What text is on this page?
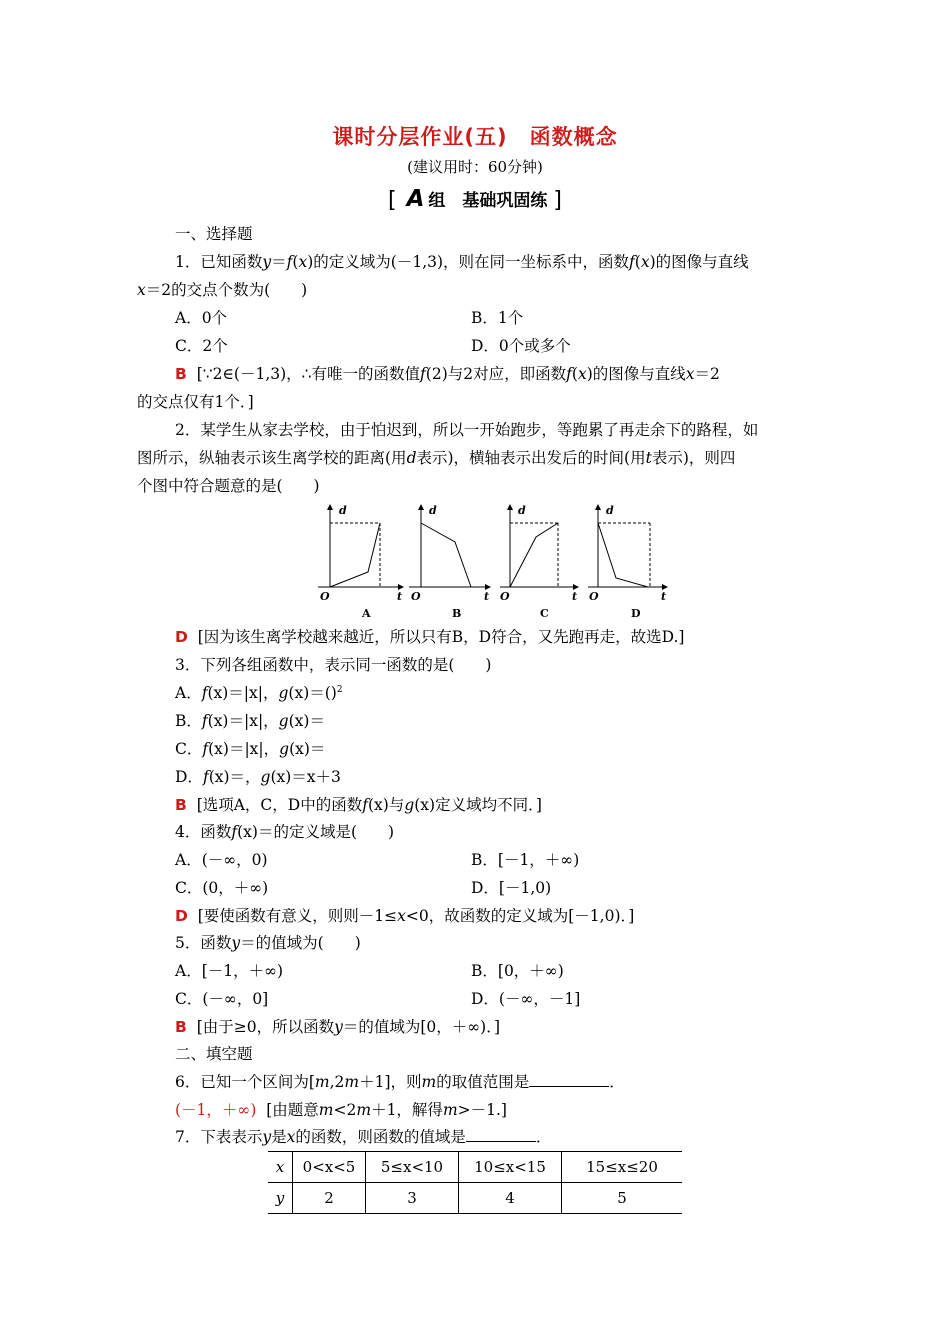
课时分层作业(五)　函数概念
(建议用时：60分钟)
[ A 组　基础巩固练 ]
一、选择题
1．已知函数y＝f(x)的定义域为(－1,3)，则在同一坐标系中，函数f(x)的图像与直线
x＝2的交点个数为(　　)
A．0个	B．1个
C．2个	D．0个或多个
B [∵2∈(－1,3)，∴有唯一的函数值f(2)与2对应，即函数f(x)的图像与直线x＝2
的交点仅有1个．]
2．某学生从家去学校，由于怕迟到，所以一开始跑步，等跑累了再走余下的路程，如
图所示，纵轴表示该生离学校的距离(用d表示)，横轴表示出发后的时间(用t表示)，则四
个图中符合题意的是(　　)
d
t
O
A
d
t
O
B
d
t
O
C
d
t
O
D
D [因为该生离学校越来越近，所以只有B，D符合，又先跑再走，故选D.]
3．下列各组函数中，表示同一函数的是(　　)
A．f(x)＝|x|，g(x)＝()$^2$
B．f(x)＝|x|，g(x)＝
C．f(x)＝|x|，g(x)＝
D．f(x)＝，g(x)＝x＋3
B [选项A，C，D中的函数f(x)与g(x)定义域均不同．]
4．函数f(x)＝的定义域是(　　)
A．(－∞，0)	B．[－1，＋∞)
C．(0，＋∞)	D．[－1,0)
D [要使函数有意义，则则－1≤x<0，故函数的定义域为[－1,0)．]
5．函数y＝的值域为(　　)
A．[－1，＋∞)	B．[0，＋∞)
C．(－∞，0]	D．(－∞，－1]
B [由于≥0，所以函数y＝的值域为[0，＋∞)．]
二、填空题
6．已知一个区间为[m,2m＋1]，则m的取值范围是	．
(－1，＋∞) [由题意m<2m＋1，解得m>－1.]
7．下表表示y是x的函数，则函数的值域是	．
x	0<x<5	5≤x<10	10≤x<15	15≤x≤20
y	2	3	4	5
